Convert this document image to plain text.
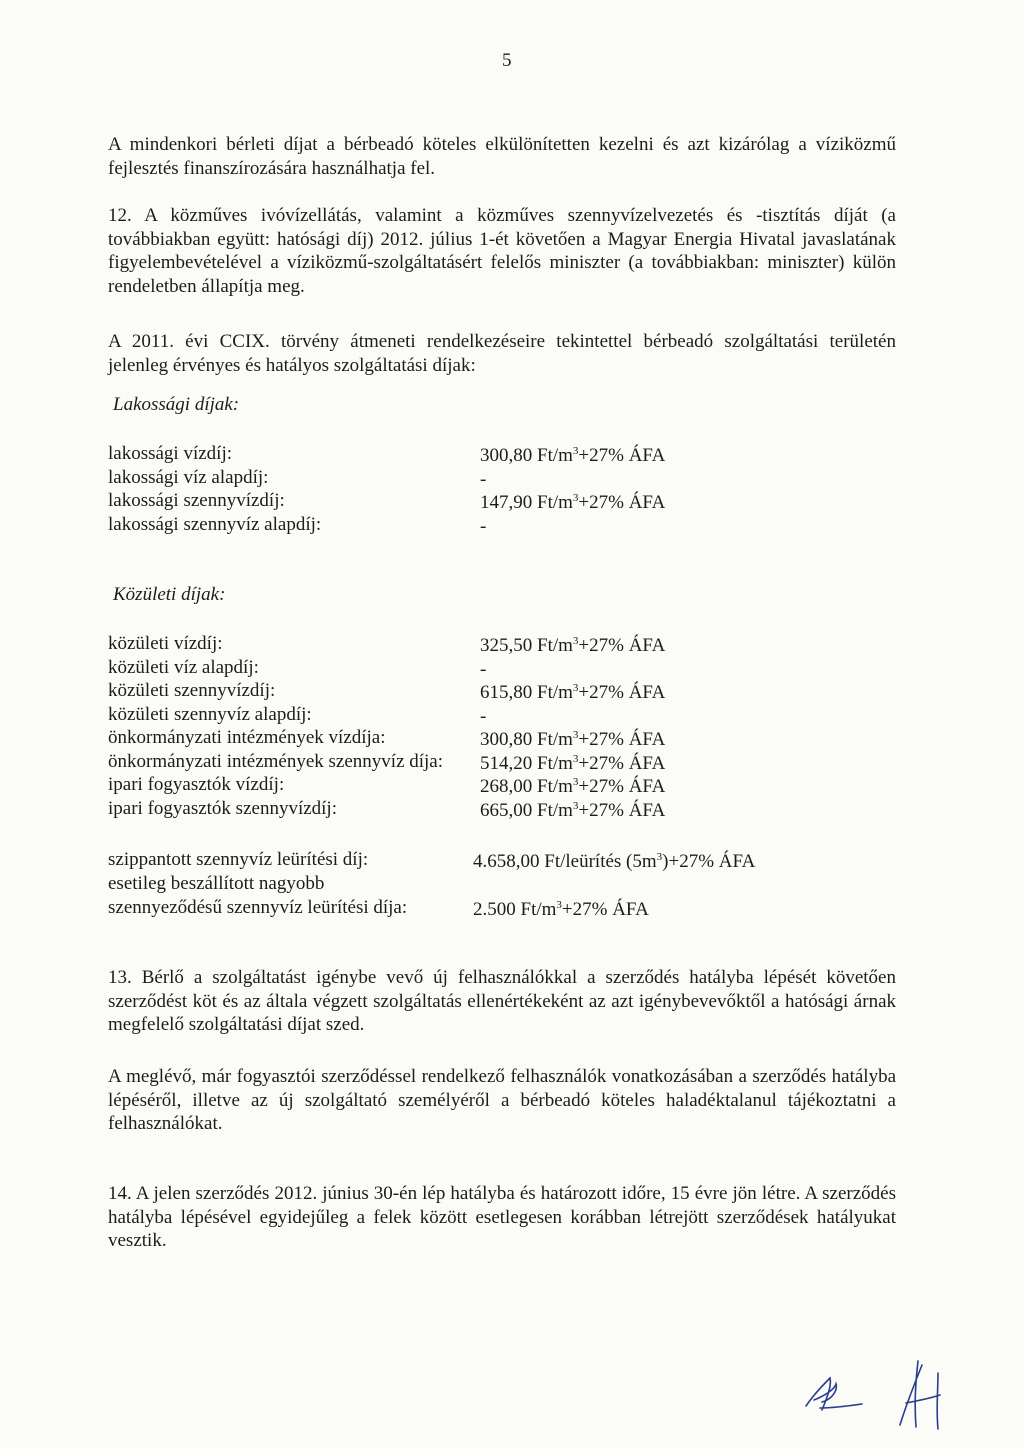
5

A mindenkori bérleti díjat a bérbeadó köteles elkülönítetten kezelni és azt kizárólag a víziközmű fejlesztés finanszírozására használhatja fel.

12. A közműves ivóvízellátás, valamint a közműves szennyvízelvezetés és -tisztítás díját (a továbbiakban együtt: hatósági díj) 2012. július 1-ét követően a Magyar Energia Hivatal javaslatának figyelembevételével a víziközmű-szolgáltatásért felelős miniszter (a továbbiakban: miniszter) külön rendeletben állapítja meg.

A 2011. évi CCIX. törvény átmeneti rendelkezéseire tekintettel bérbeadó szolgáltatási területén jelenleg érvényes és hatályos szolgáltatási díjak:

Lakossági díjak:
lakossági vízdíj:	300,80 $Ft/m^3+27\%$ ÁFA
lakossági víz alapdíj:	-
lakossági szennyvízdíj:	147,90 $Ft/m^3+27\%$ ÁFA
lakossági szennyvíz alapdíj:	-
Közületi díjak:
közületi vízdíj:	325,50 $Ft/m^3+27\%$ ÁFA
közületi víz alapdíj:	-
közületi szennyvízdíj:	615,80 $Ft/m^3+27\%$ ÁFA
közületi szennyvíz alapdíj:	-
önkormányzati intézmények vízdíja:	300,80 $Ft/m^3+27\%$ ÁFA
önkormányzati intézmények szennyvíz díja: 514,20 $Ft/m^3+27\%$ ÁFA
ipari fogyasztók vízdíj:	268,00 $Ft/m^3+27\%$ ÁFA
ipari fogyasztók szennyvízdíj:	665,00 $Ft/m^3+27\%$ ÁFA
szippantott szennyvíz leürítési díj:	4.658,00 Ft/leürítés $(5m^3)+27\%$ ÁFA
esetileg beszállított nagyobb
szennyeződésű szennyvíz leürítési díja:	2.500 $Ft/m^3+27\%$ ÁFA

13. Bérlő a szolgáltatást igénybe vevő új felhasználókkal a szerződés hatályba lépését követően szerződést köt és az általa végzett szolgáltatás ellenértékeként az azt igénybevevőktől a hatósági árnak megfelelő szolgáltatási díjat szed.

A meglévő, már fogyasztói szerződéssel rendelkező felhasználók vonatkozásában a szerződés hatályba lépéséről, illetve az új szolgáltató személyéről a bérbeadó köteles haladéktalanul tájékoztatni a felhasználókat.

14. A jelen szerződés 2012. június 30-én lép hatályba és határozott időre, 15 évre jön létre. A szerződés hatályba lépésével egyidejűleg a felek között esetlegesen korábban létrejött szerződések hatályukat vesztik.
